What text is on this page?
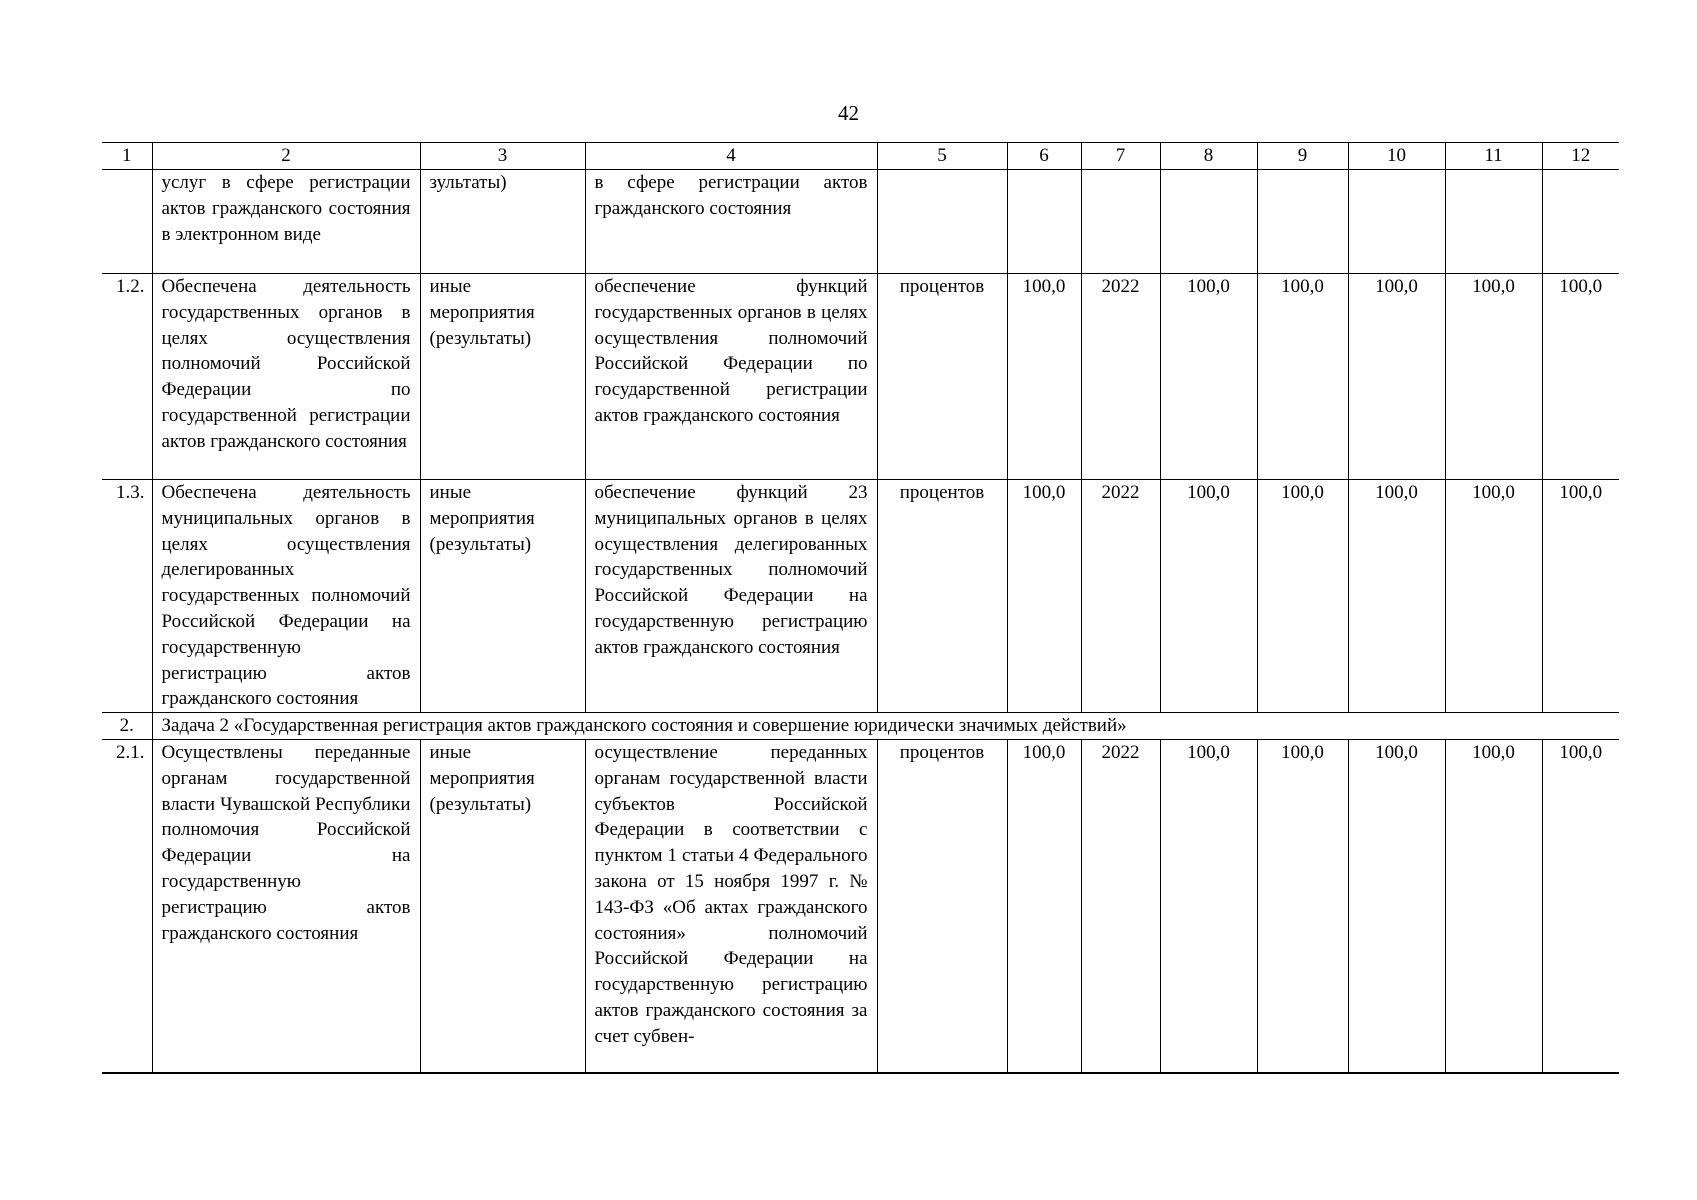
42
1	2	3	4	5	6	7	8	9	10	11	12
	услуг в сфере регистрации актов гражданского состояния в электронном виде	зультаты)	в сфере регистрации актов гражданского состояния								
1.2.	Обеспечена деятельность государственных органов в целях осуществления полномочий Российской Федерации по государственной регистрации актов гражданского состояния	иные мероприятия (результаты)	обеспечение функций государственных органов в целях осуществления полномочий Российской Федерации по государственной регистрации актов гражданского состояния	процентов	100,0	2022	100,0	100,0	100,0	100,0	100,0
1.3.	Обеспечена деятельность муниципальных органов в целях осуществления делегированных государственных полномочий Российской Федерации на государственную регистрацию актов гражданского состояния	иные мероприятия (результаты)	обеспечение функций 23 муниципальных органов в целях осуществления делегированных государственных полномочий Российской Федерации на государственную регистрацию актов гражданского состояния	процентов	100,0	2022	100,0	100,0	100,0	100,0	100,0
2.	Задача 2 «Государственная регистрация актов гражданского состояния и совершение юридически значимых действий»										
2.1.	Осуществлены переданные органам государственной власти Чувашской Республики полномочия Российской Федерации на государственную регистрацию актов гражданского состояния	иные мероприятия (результаты)	осуществление переданных органам государственной власти субъектов Российской Федерации в соответствии с пунктом 1 статьи 4 Федерального закона от 15 ноября 1997 г. № 143-ФЗ «Об актах гражданского состояния» полномочий Российской Федерации на государственную регистрацию актов гражданского состояния за счет субвен-	процентов	100,0	2022	100,0	100,0	100,0	100,0	100,0
